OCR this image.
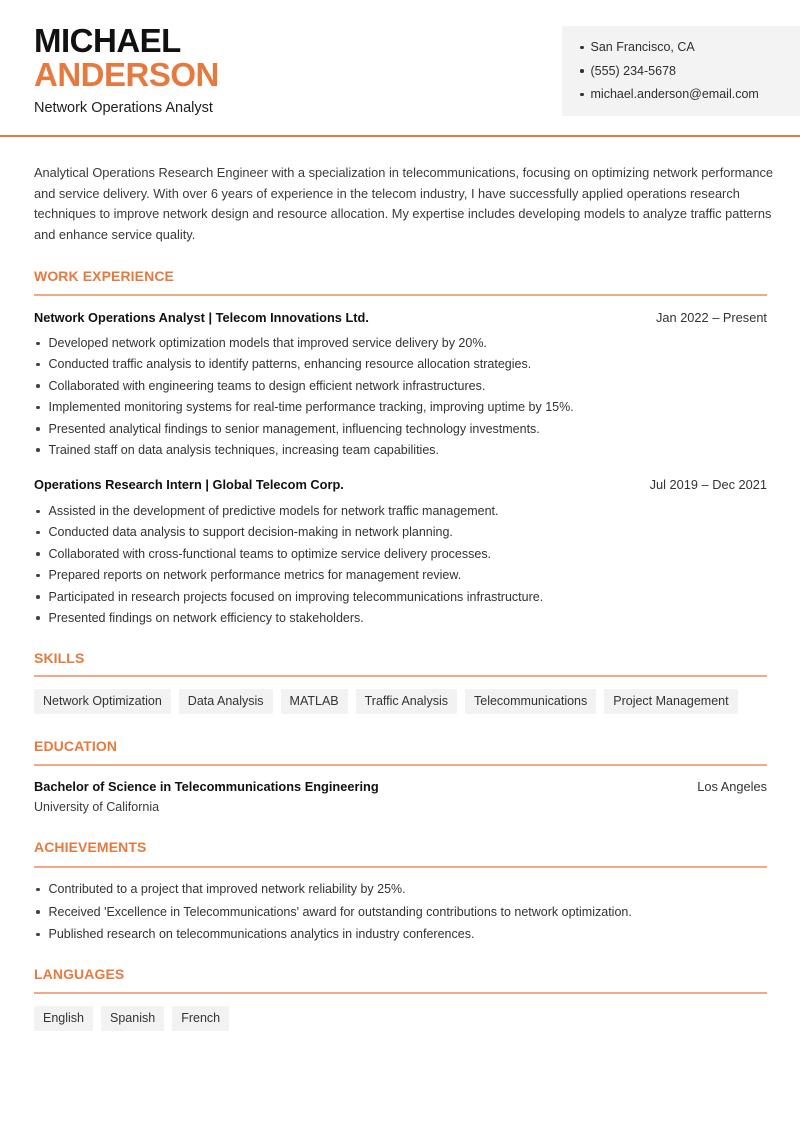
MICHAEL
ANDERSON
Network Operations Analyst
San Francisco, CA
(555) 234-5678
michael.anderson@email.com

Analytical Operations Research Engineer with a specialization in telecommunications, focusing on optimizing network performance and service delivery. With over 6 years of experience in the telecom industry, I have successfully applied operations research techniques to improve network design and resource allocation. My expertise includes developing models to analyze traffic patterns and enhance service quality.

WORK EXPERIENCE
Network Operations Analyst | Telecom Innovations Ltd.	Jan 2022 – Present
Developed network optimization models that improved service delivery by 20%.
Conducted traffic analysis to identify patterns, enhancing resource allocation strategies.
Collaborated with engineering teams to design efficient network infrastructures.
Implemented monitoring systems for real-time performance tracking, improving uptime by 15%.
Presented analytical findings to senior management, influencing technology investments.
Trained staff on data analysis techniques, increasing team capabilities.
Operations Research Intern | Global Telecom Corp.	Jul 2019 – Dec 2021
Assisted in the development of predictive models for network traffic management.
Conducted data analysis to support decision-making in network planning.
Collaborated with cross-functional teams to optimize service delivery processes.
Prepared reports on network performance metrics for management review.
Participated in research projects focused on improving telecommunications infrastructure.
Presented findings on network efficiency to stakeholders.
SKILLS
Network Optimization	Data Analysis	MATLAB	Traffic Analysis	Telecommunications	Project Management
EDUCATION
Bachelor of Science in Telecommunications Engineering	Los Angeles
University of California
ACHIEVEMENTS
Contributed to a project that improved network reliability by 25%.
Received 'Excellence in Telecommunications' award for outstanding contributions to network optimization.
Published research on telecommunications analytics in industry conferences.
LANGUAGES
English	Spanish	French
